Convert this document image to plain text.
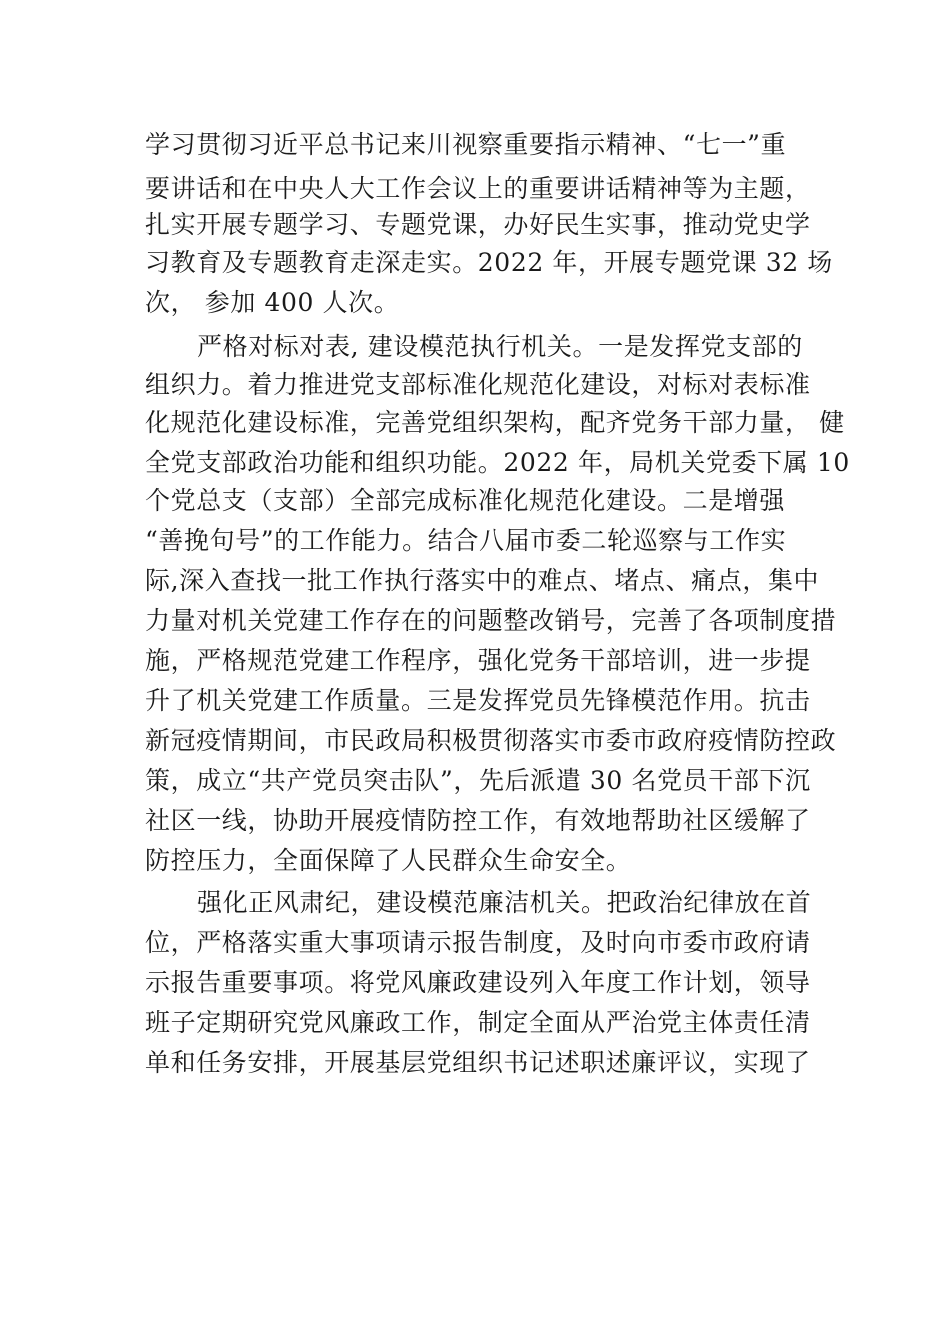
学习贯彻习近平总书记来川视察重要指示精神、“七一”重

要讲话和在中央人大工作会议上的重要讲话精神等为主题，

扎实开展专题学习、专题党课，办好民生实事，推动党史学

习教育及专题教育走深走实。2022 年，开展专题党课 32 场

次， 参加 400 人次。

严格对标对表, 建设模范执行机关。一是发挥党支部的

组织力。着力推进党支部标准化规范化建设，对标对表标准

化规范化建设标准，完善党组织架构，配齐党务干部力量， 健

全党支部政治功能和组织功能。2022 年，局机关党委下属 10

个党总支（支部）全部完成标准化规范化建设。二是增强

“善挽句号”的工作能力。结合八届市委二轮巡察与工作实

际,深入查找一批工作执行落实中的难点、堵点、痛点，集中

力量对机关党建工作存在的问题整改销号，完善了各项制度措

施，严格规范党建工作程序，强化党务干部培训，进一步提

升了机关党建工作质量。三是发挥党员先锋模范作用。抗击

新冠疫情期间，市民政局积极贯彻落实市委市政府疫情防控政

策，成立“共产党员突击队”，先后派遣 30 名党员干部下沉

社区一线，协助开展疫情防控工作，有效地帮助社区缓解了

防控压力，全面保障了人民群众生命安全。

强化正风肃纪，建设模范廉洁机关。把政治纪律放在首

位，严格落实重大事项请示报告制度，及时向市委市政府请

示报告重要事项。将党风廉政建设列入年度工作计划，领导

班子定期研究党风廉政工作，制定全面从严治党主体责任清

单和任务安排，开展基层党组织书记述职述廉评议，实现了
